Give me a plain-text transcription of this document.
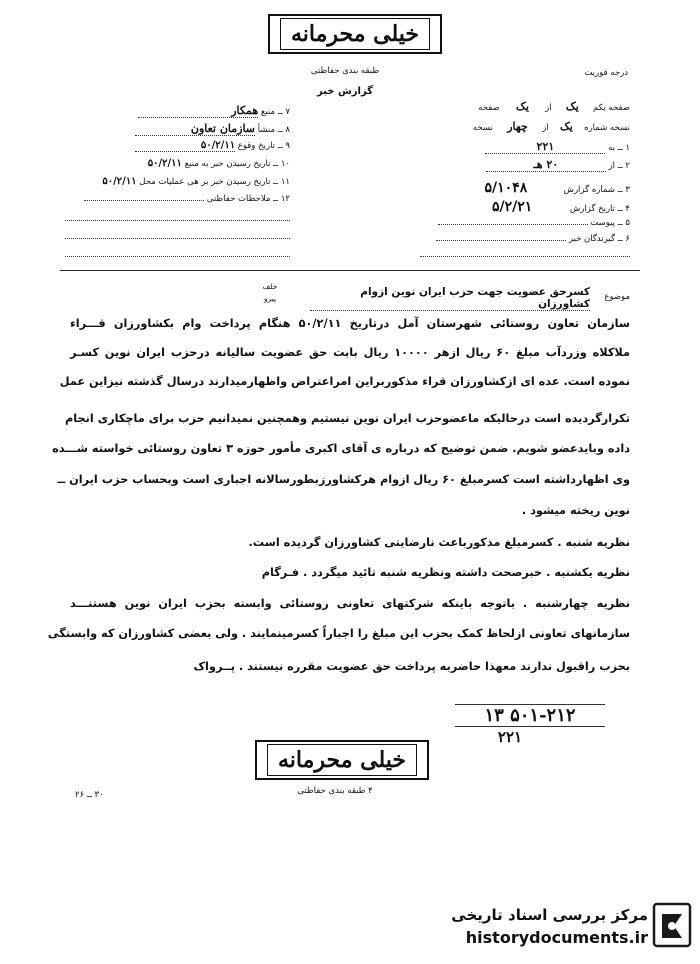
خیلی محرمانه
طبقه بندی حفاظتی	درجه فوریت
گزارش خبر
صفحه یکم یک از یک صفحه
نسخه شماره یک از چهار نسخه
۱ ــ به ۲۲۱
۲ ــ از ۲۰ هـ
۳ ــ شماره گزارش ۵/۱۰۴۸
۴ ــ تاریخ گزارش ۵/۲/۲۱
۵ ــ پیوست
۶ ــ گیرندگان خبر
۷ ــ منبع همکار
۸ ــ منشأ سازمان تعاون
۹ ــ تاریخ وقوع ۵۰/۲/۱۱
۱۰ ــ تاریخ رسیدن خبر به منبع ۵۰/۲/۱۱
۱۱ ــ تاریخ رسیدن خبر بر هی عملیات محل ۵۰/۲/۱۱
۱۲ ــ ملاحظات حفاظتی
موضوع
کسرحق عضویت جهت حزب ایران نوین ازوام کشاورزان
خلف
پیرو
سازمان تعاون روستائی شهرستان آمل درتاریخ ۵۰/۲/۱۱ هنگام پرداخت وام بکشاورزان قـــراء
ملاکلاه وزردآب مبلغ ۶۰ ریال ازهر ۱۰۰۰۰ ریال بابت حق عضویت سالیانه درحزب ایران نوین کسـر
نموده است. عده ای ازکشاورزان قراء مذکوربراین امراعتراض واظهارمیدارند درسال گذشته نیزاین عمل
تکرارگردیده است درحالیکه ماعضوحزب ایران نوین نیستیم وهمچنین نمیدانیم حزب برای ماچکاری انجام
داده وبایدعضو شویم. ضمن توضیح که درباره ی آقای اکبری مأمور حوزه ۳ تعاون روستائی خواسته شـــده
وی اظهارداشته است کسرمبلغ ۶۰ ریال ازوام هرکشاورزبطورسالانه اجباری است وبحساب حزب ایران ــ
نوین ریخته میشود .
نظریه شنبه . کسرمبلغ مذکورباعث نارضایتی کشاورزان گردیده است.
نظریه یکشنبه . خبرصحت داشته ونظریه شنبه تائید میگردد . فـرگام
نظریه چهارشنبه . باتوجه باینکه شرکتهای تعاونی روستائی وابسته بحزب ایران نوین هستنـــد
سازمانهای تعاونی ازلحاظ کمک بحزب این مبلغ را اجباراً کسرمینمایند . ولی بعضی کشاورزان که وابستگی
بحزب راقبول ندارند معهذا حاضربه پرداخت حق عضویت مقرره نیستند . پــرواک
۵۰۱-۲۱۲ ۱۳
۲۲۱
خیلی محرمانه
۴ طبقه بندی حفاظتی
۳۰ ــ ۲۶
مرکز بررسی اسناد تاریخی
historydocuments.ir
